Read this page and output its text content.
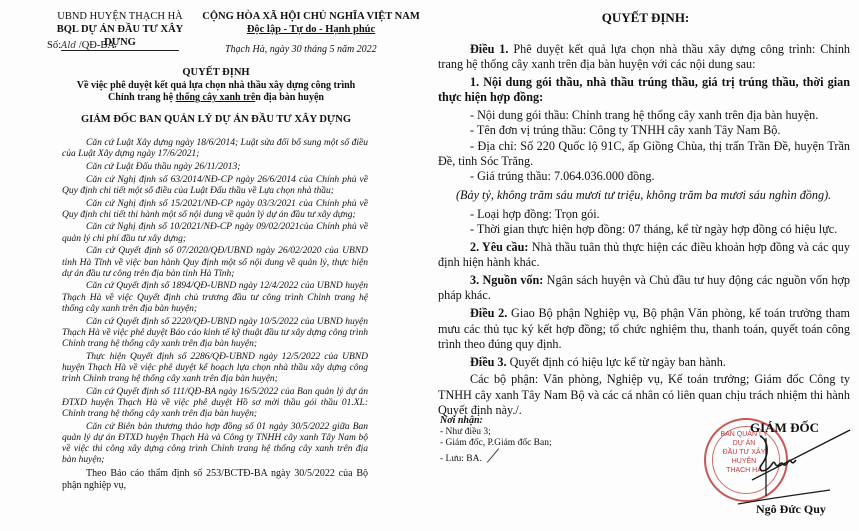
UBND HUYỆN THẠCH HÀ
BQL DỰ ÁN ĐẦU TƯ XÂY DỰNG
Số:Ald /QĐ-BA
CỘNG HÒA XÃ HỘI CHỦ NGHĨA VIỆT NAM
Độc lập - Tự do - Hạnh phúc
Thạch Hà, ngày 30 tháng 5 năm 2022
QUYẾT ĐỊNH
Về việc phê duyệt kết quả lựa chọn nhà thầu xây dựng công trình
Chỉnh trang hệ thống cây xanh trên địa bàn huyện
GIÁM ĐỐC BAN QUẢN LÝ DỰ ÁN ĐẦU TƯ XÂY DỰNG

Căn cứ Luật Xây dựng ngày 18/6/2014; Luật sửa đổi bổ sung một số điều của Luật Xây dựng ngày 17/6/2021;

Căn cứ Luật Đấu thầu ngày 26/11/2013;

Căn cứ Nghị định số 63/2014/NĐ-CP ngày 26/6/2014 của Chính phủ về Quy định chi tiết một số điều của Luật Đấu thầu về Lựa chọn nhà thầu;

Căn cứ Nghị định số 15/2021/NĐ-CP ngày 03/3/2021 của Chính phủ về Quy định chi tiết thi hành một số nội dung về quản lý dự án đầu tư xây dựng;

Căn cứ Nghị định số 10/2021/NĐ-CP ngày 09/02/2021của Chính phủ về quản lý chi phí đầu tư xây dựng;

Căn cứ Quyết định số 07/2020/QĐ/UBND ngày 26/02/2020 của UBND tỉnh Hà Tĩnh về việc ban hành Quy định một số nội dung về quản lý, thực hiện dự án đầu tư công trên địa bàn tỉnh Hà Tĩnh;

Căn cứ Quyết định số 1894/QĐ-UBND ngày 12/4/2022 của UBND huyện Thạch Hà về việc Quyết định chủ trương đầu tư công trình Chỉnh trang hệ thống cây xanh trên địa bàn huyện;

Căn cứ Quyết định số 2220/QĐ-UBND ngày 10/5/2022 của UBND huyện Thạch Hà về việc phê duyệt Báo cáo kinh tế kỹ thuật đầu tư xây dựng công trình Chỉnh trang hệ thống cây xanh trên địa bàn huyện;

Thực hiện Quyết định số 2286/QĐ-UBND ngày 12/5/2022 của UBND huyện Thạch Hà về việc phê duyệt kế hoạch lựa chọn nhà thầu xây dựng công trình Chỉnh trang hệ thống cây xanh trên địa bàn huyện;

Căn cứ Quyết định số 111/QĐ-BA ngày 16/5/2022 của Ban quản lý dự án ĐTXD huyện Thạch Hà về việc phê duyệt Hồ sơ mời thầu gói thầu 01.XL: Chỉnh trang hệ thống cây xanh trên địa bàn huyện;

Căn cứ Biên bản thương thảo hợp đồng số 01 ngày 30/5/2022 giữa Ban quản lý dự án ĐTXD huyện Thạch Hà và Công ty TNHH cây xanh Tây Nam bộ về việc thi công xây dựng công trình Chỉnh trang hệ thống cây xanh trên địa bàn huyện;

Theo Báo cáo thẩm định số 253/BCTĐ-BA ngày 30/5/2022 của Bộ phận nghiệp vụ,

QUYẾT ĐỊNH:

Điều 1. Phê duyệt kết quả lựa chọn nhà thầu xây dựng công trình: Chỉnh trang hệ thống cây xanh trên địa bàn huyện với các nội dung sau:

1. Nội dung gói thầu, nhà thầu trúng thầu, giá trị trúng thầu, thời gian thực hiện hợp đồng:

- Nội dung gói thầu: Chỉnh trang hệ thống cây xanh trên địa bàn huyện.

- Tên đơn vị trúng thầu: Công ty TNHH cây xanh Tây Nam Bộ.

- Địa chỉ: Số 220 Quốc lộ 91C, ấp Giồng Chùa, thị trấn Trần Đề, huyện Trần Đề, tỉnh Sóc Trăng.

- Giá trúng thầu: 7.064.036.000 đồng.

(Bảy tỷ, không trăm sáu mươi tư triệu, không trăm ba mươi sáu nghìn đồng).

- Loại hợp đồng: Trọn gói.

- Thời gian thực hiện hợp đồng: 07 tháng, kể từ ngày hợp đồng có hiệu lực.

2. Yêu cầu: Nhà thầu tuân thủ thực hiện các điều khoản hợp đồng và các quy định hiện hành khác.

3. Nguồn vốn: Ngân sách huyện và Chủ đầu tư huy động các nguồn vốn hợp pháp khác.

Điều 2. Giao Bộ phận Nghiệp vụ, Bộ phận Văn phòng, kế toán trưởng tham mưu các thủ tục ký kết hợp đồng; tổ chức nghiệm thu, thanh toán, quyết toán công trình theo đúng quy định.

Điều 3. Quyết định có hiệu lực kể từ ngày ban hành.

Các bộ phận: Văn phòng, Nghiệp vụ, Kế toán trưởng; Giám đốc Công ty TNHH cây xanh Tây Nam Bộ và các cá nhân có liên quan chịu trách nhiệm thi hành Quyết định này./.

Nơi nhận:
- Như điều 3;
- Giám đốc, P.Giám đốc Ban;
- Lưu: BA.
BAN QUẢN LÝ
DỰ ÁN
ĐẦU TƯ XÂY
HUYỆN
THẠCH HÀ
GIÁM ĐỐC
Ngô Đức Quy
